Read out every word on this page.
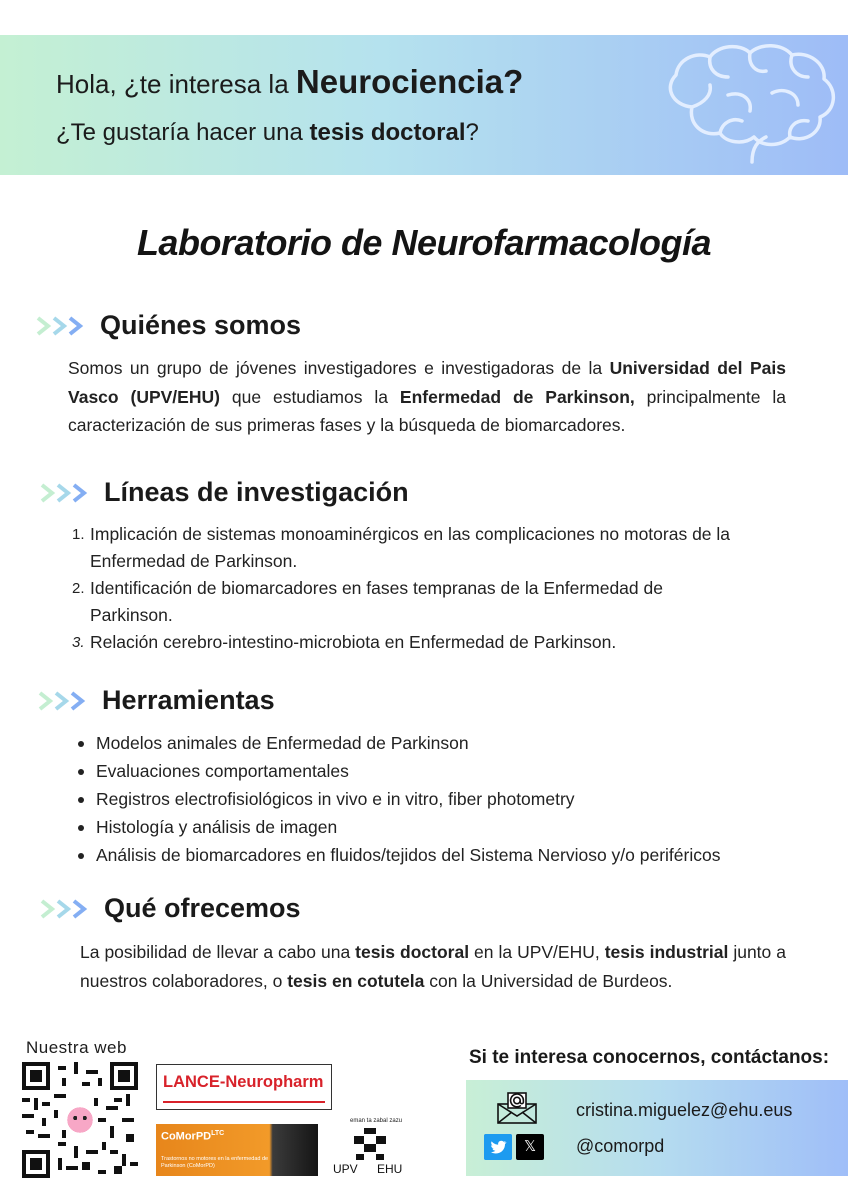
Hola, ¿te interesa la Neurociencia?
¿Te gustaría hacer una tesis doctoral?
Laboratorio de Neurofarmacología
Quiénes somos

Somos un grupo de jóvenes investigadores e investigadoras de la Universidad del Pais Vasco (UPV/EHU) que estudiamos la Enfermedad de Parkinson, principalmente la caracterización de sus primeras fases y la búsqueda de biomarcadores.

Líneas de investigación
1. Implicación de sistemas monoaminérgicos en las complicaciones no motoras de la Enfermedad de Parkinson.
2. Identificación de biomarcadores en fases tempranas de la Enfermedad de Parkinson.
3. Relación cerebro-intestino-microbiota en Enfermedad de Parkinson.
Herramientas
Modelos animales de Enfermedad de Parkinson
Evaluaciones comportamentales
Registros electrofisiológicos in vivo e in vitro, fiber photometry
Histología y análisis de imagen
Análisis de biomarcadores en fluidos/tejidos del Sistema Nervioso y/o periféricos
Qué ofrecemos

La posibilidad de llevar a cabo una tesis doctoral en la UPV/EHU, tesis industrial junto a nuestros colaboradores, o tesis en cotutela con la Universidad de Burdeos.

Nuestra web
LANCE-Neuropharm
CoMorPD$^{LTC}$
Trastornos no motores en la enfermedad de Parkinson (CoMorPD)
eman ta zabal zazu
UPV EHU
Si te interesa conocernos, contáctanos:
cristina.miguelez@ehu.eus
𝕏	@comorpd
